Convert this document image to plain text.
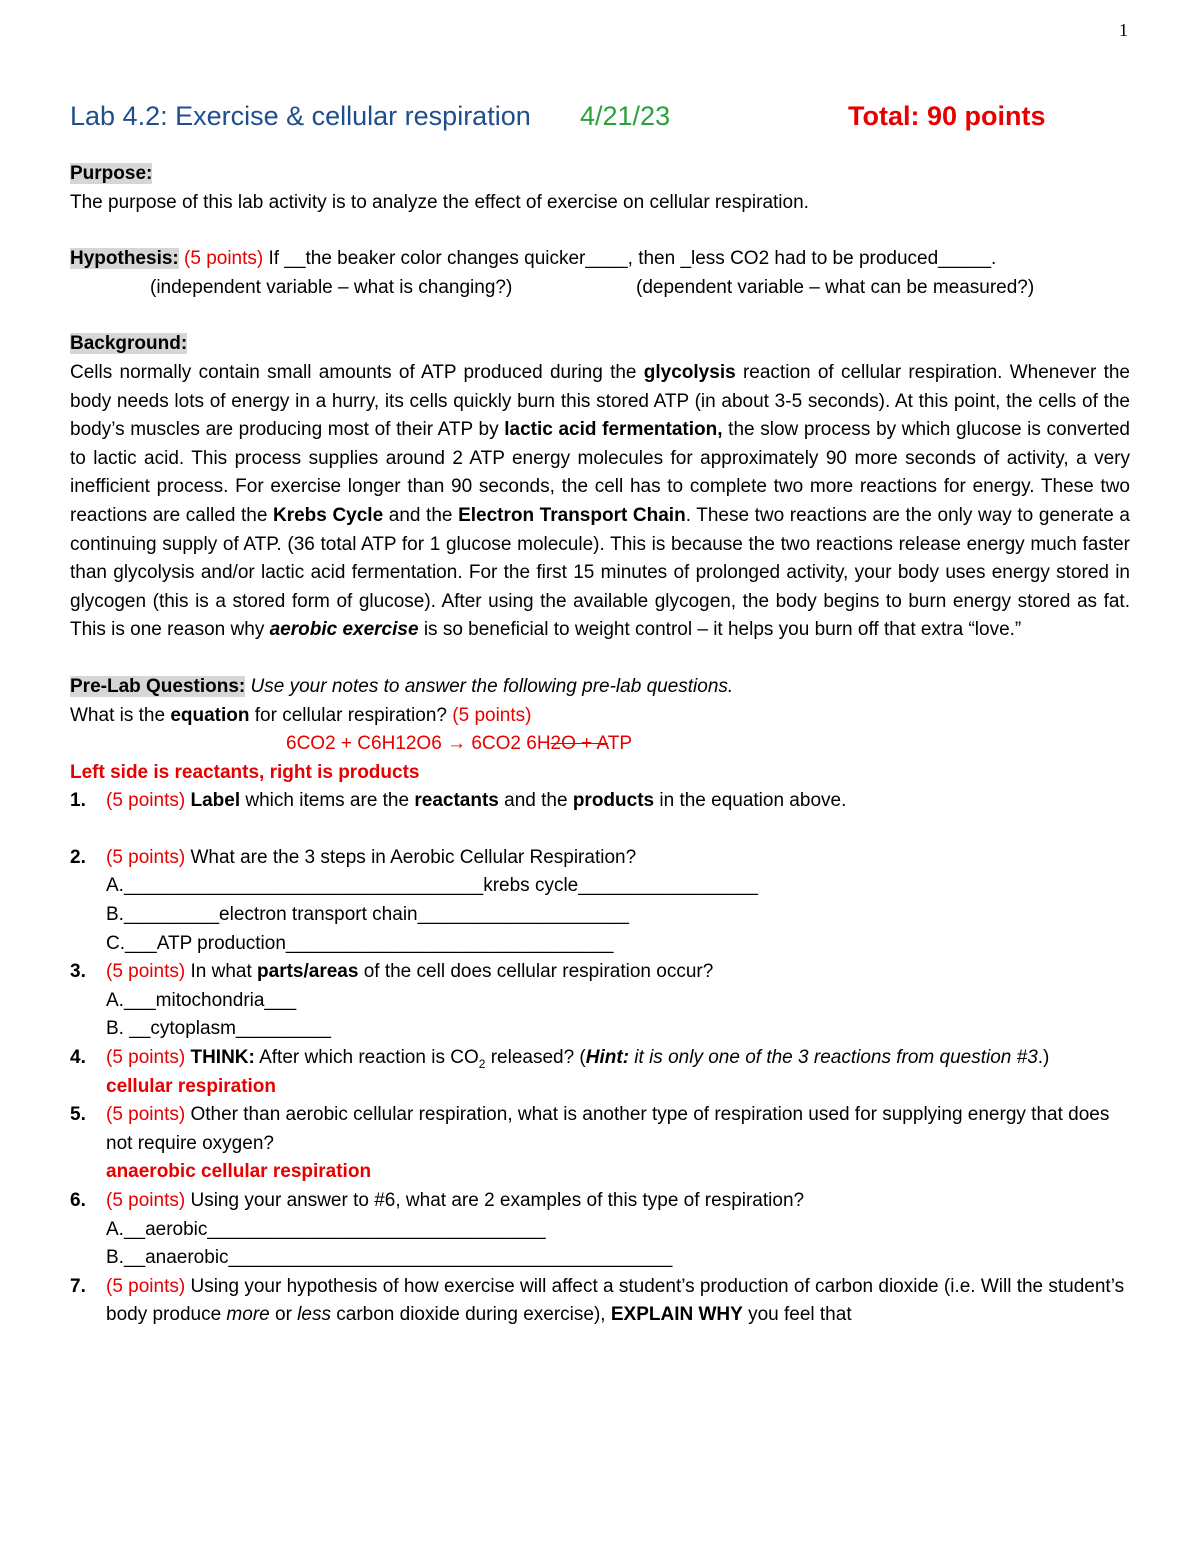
1
Lab 4.2: Exercise & cellular respiration 4/21/23	Total: 90 points
Purpose:
The purpose of this lab activity is to analyze the effect of exercise on cellular respiration.
Hypothesis: (5 points) If __the beaker color changes quicker____, then _less CO2 had to be produced_____.
(independent variable – what is changing?)	(dependent variable – what can be measured?)
Background:
Cells normally contain small amounts of ATP produced during the glycolysis reaction of cellular respiration. Whenever the body needs lots of energy in a hurry, its cells quickly burn this stored ATP (in about 3-5 seconds). At this point, the cells of the body’s muscles are producing most of their ATP by lactic acid fermentation, the slow process by which glucose is converted to lactic acid. This process supplies around 2 ATP energy molecules for approximately 90 more seconds of activity, a very inefficient process. For exercise longer than 90 seconds, the cell has to complete two more reactions for energy. These two reactions are called the Krebs Cycle and the Electron Transport Chain. These two reactions are the only way to generate a continuing supply of ATP. (36 total ATP for 1 glucose molecule). This is because the two reactions release energy much faster than glycolysis and/or lactic acid fermentation. For the first 15 minutes of prolonged activity, your body uses energy stored in glycogen (this is a stored form of glucose). After using the available glycogen, the body begins to burn energy stored as fat. This is one reason why aerobic exercise is so beneficial to weight control – it helps you burn off that extra “love.”
Pre-Lab Questions: Use your notes to answer the following pre-lab questions.
What is the equation for cellular respiration? (5 points)
6CO2 + C6H12O6 → 6CO2 6H2O + ATP
Left side is reactants, right is products
1. (5 points) Label which items are the reactants and the products in the equation above.
2. (5 points) What are the 3 steps in Aerobic Cellular Respiration?
A.__________________________________krebs cycle_________________
B._________electron transport chain____________________
C.___ATP production_______________________________
3. (5 points) In what parts/areas of the cell does cellular respiration occur?
A.___mitochondria___
B. __cytoplasm_________
4. (5 points) THINK: After which reaction is $CO_2$ released? (Hint: it is only one of the 3 reactions from question #3.)
cellular respiration
5. (5 points) Other than aerobic cellular respiration, what is another type of respiration used for supplying energy that does not require oxygen?
anaerobic cellular respiration
6. (5 points) Using your answer to #6, what are 2 examples of this type of respiration?
A.__aerobic________________________________
B.__anaerobic__________________________________________
7. (5 points) Using your hypothesis of how exercise will affect a student’s production of carbon dioxide (i.e. Will the student’s body produce more or less carbon dioxide during exercise), EXPLAIN WHY you feel that
